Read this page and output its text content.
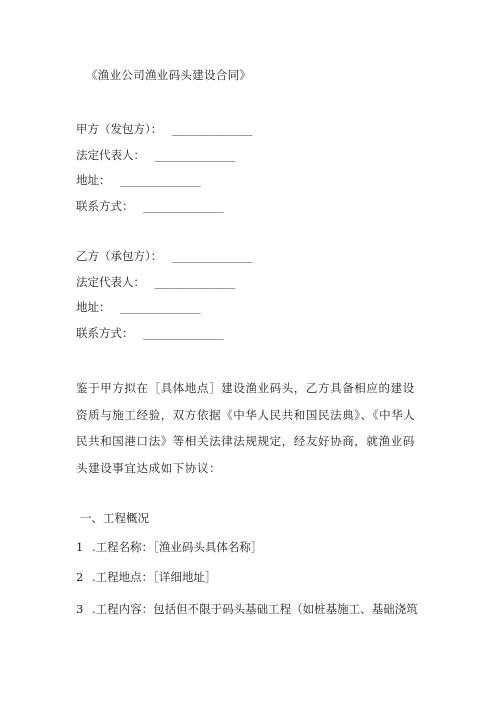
《渔业公司渔业码头建设合同》
甲方（发包方）： ______________
法定代表人： ______________
地址： ______________
联系方式： ______________
乙方（承包方）： ______________
法定代表人： ______________
地址： ______________
联系方式： ______________
鉴于甲方拟在［具体地点］建设渔业码头，乙方具备相应的建设资质与施工经验，双方依据《中华人民共和国民法典》、《中华人民共和国港口法》等相关法律法规规定，经友好协商，就渔业码头建设事宜达成如下协议：
一、工程概况
1 .工程名称：［渔业码头具体名称］
2 .工程地点：［详细地址］
3 .工程内容：包括但不限于码头基础工程（如桩基施工、基础浇筑
